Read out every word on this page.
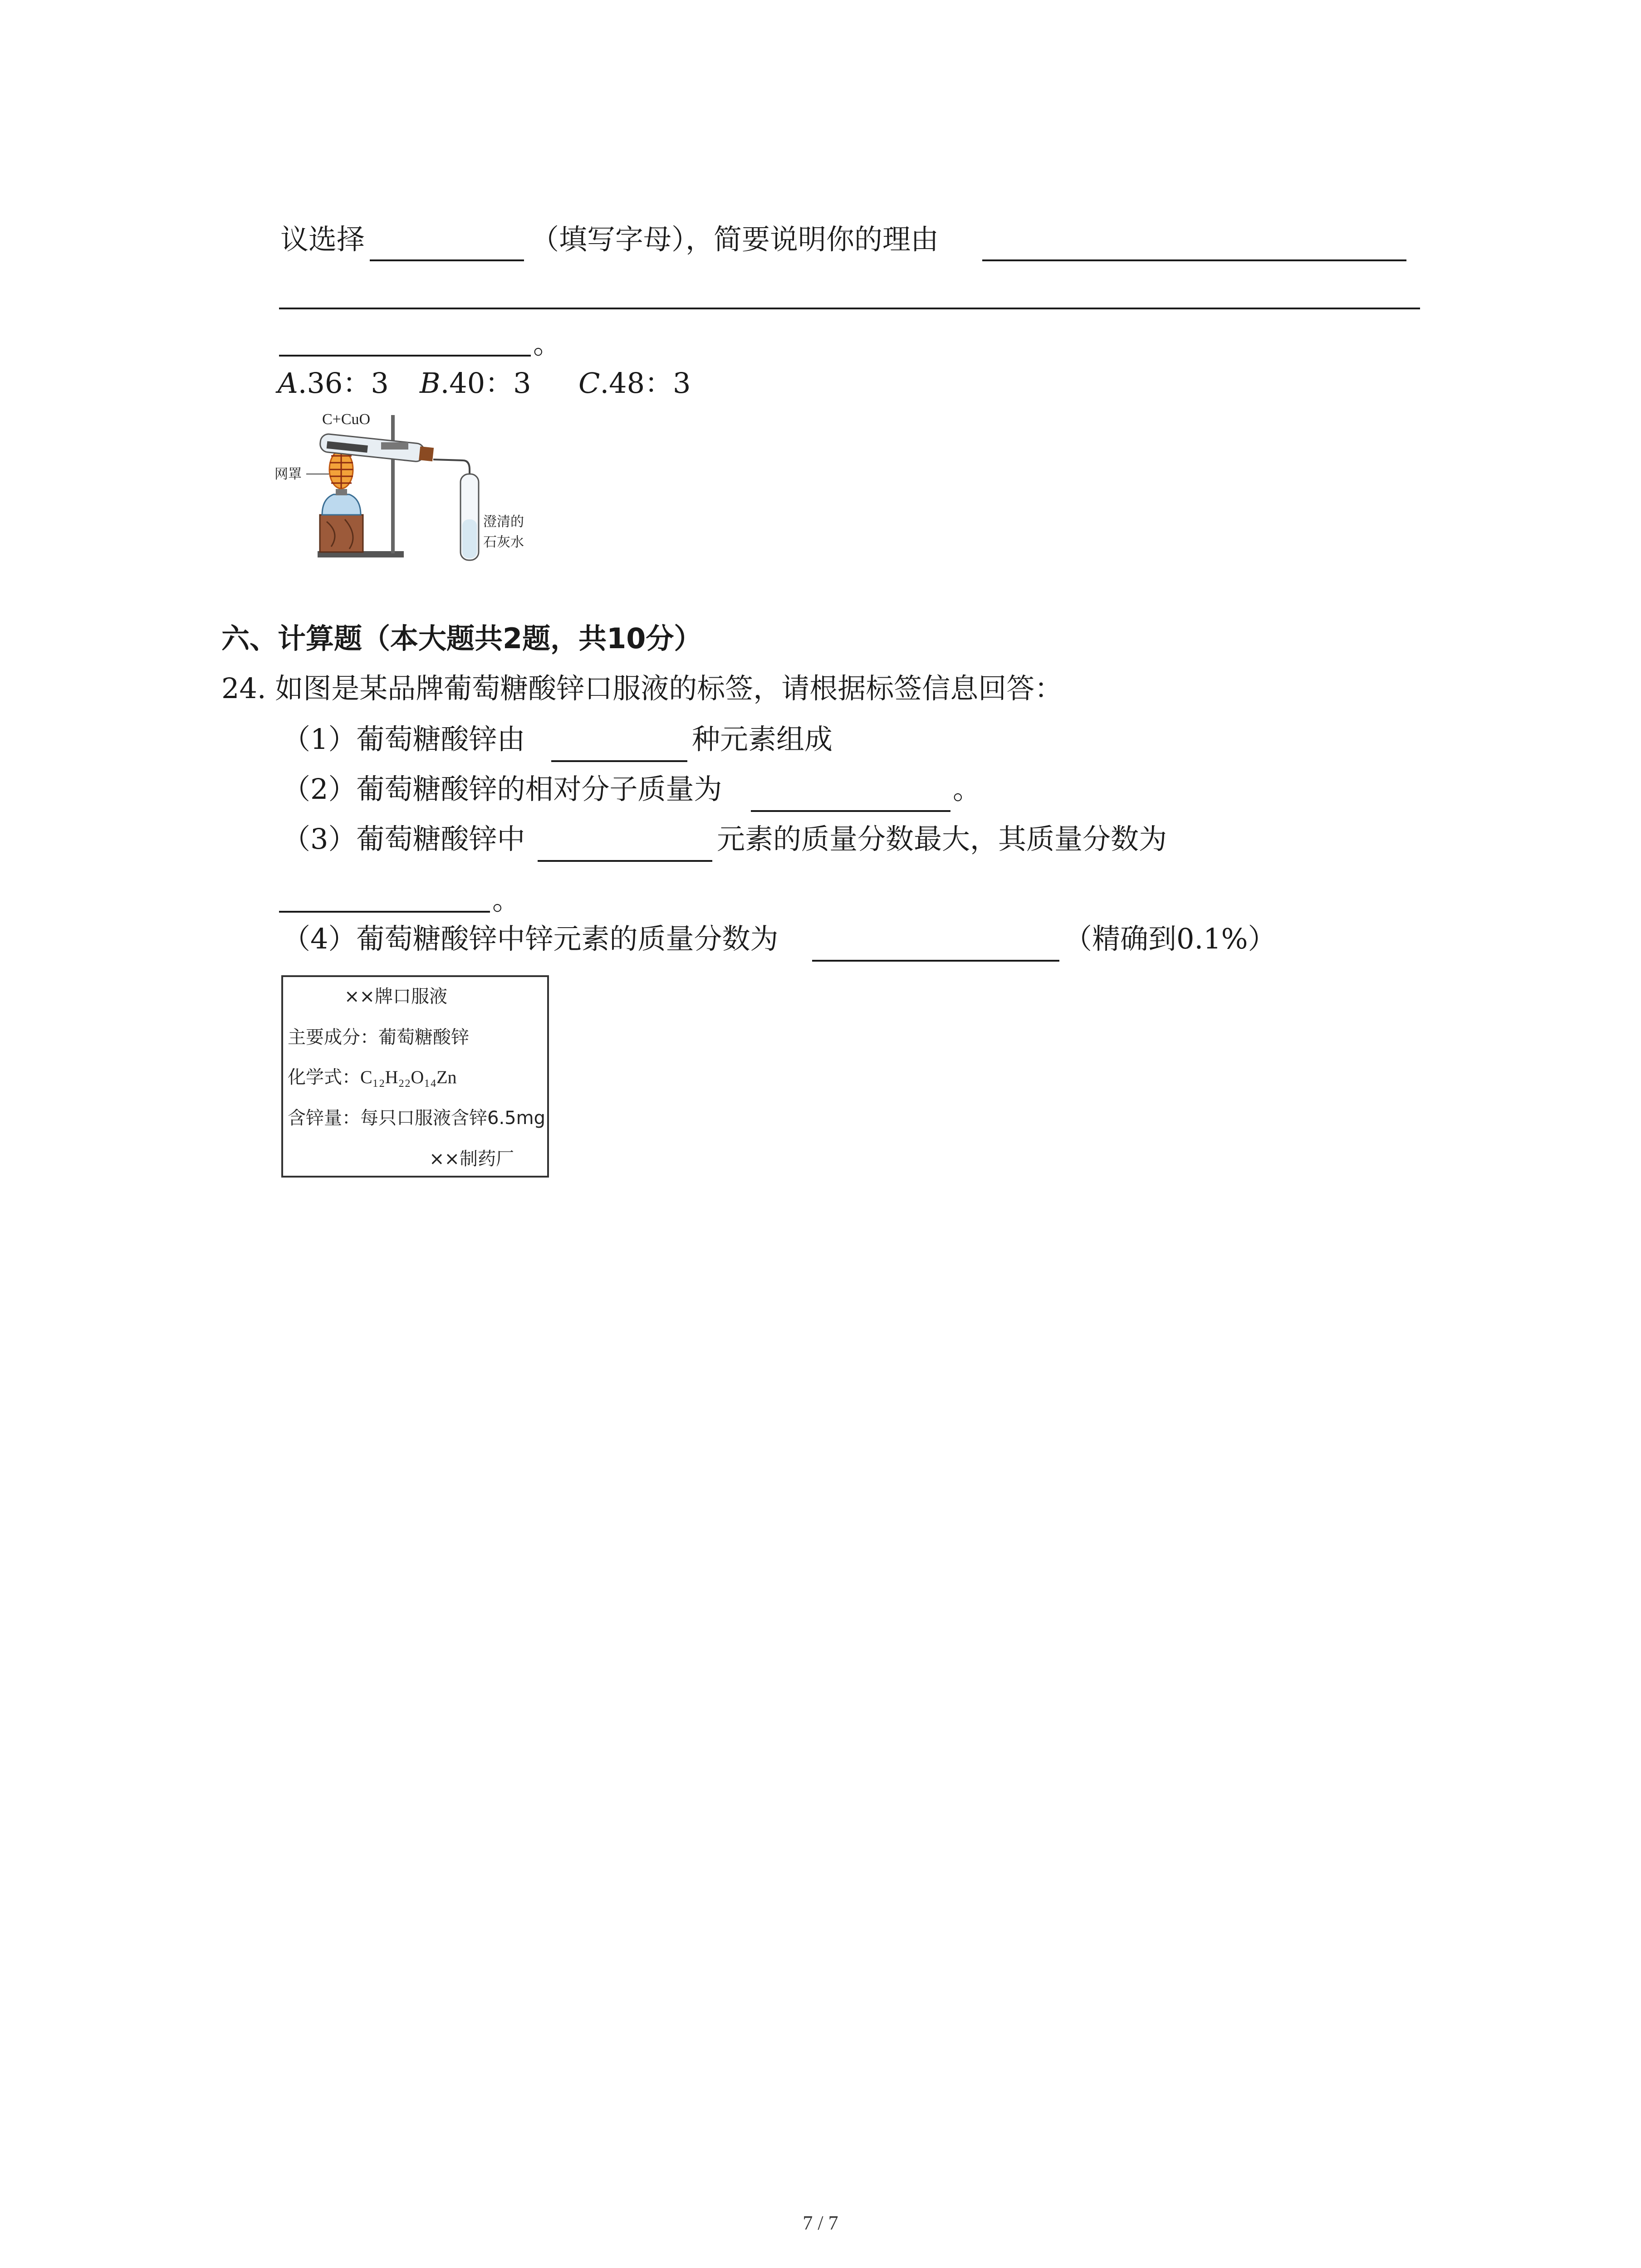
议选择	（填写字母），简要说明你的理由
。
A.36：3 B.40：3 C.48：3
C+CuO
网罩
澄清的
石灰水
六、计算题（本大题共2题，共10分）
24. 如图是某品牌葡萄糖酸锌口服液的标签，请根据标签信息回答：
（1）葡萄糖酸锌由	种元素组成
（2）葡萄糖酸锌的相对分子质量为	。
（3）葡萄糖酸锌中	元素的质量分数最大，其质量分数为
。
（4）葡萄糖酸锌中锌元素的质量分数为	（精确到0.1%）
××牌口服液
主要成分：葡萄糖酸锌
化学式：C₁₂H₂₂O₁₄Zn
含锌量：每只口服液含锌6.5mg
××制药厂
7 / 7
